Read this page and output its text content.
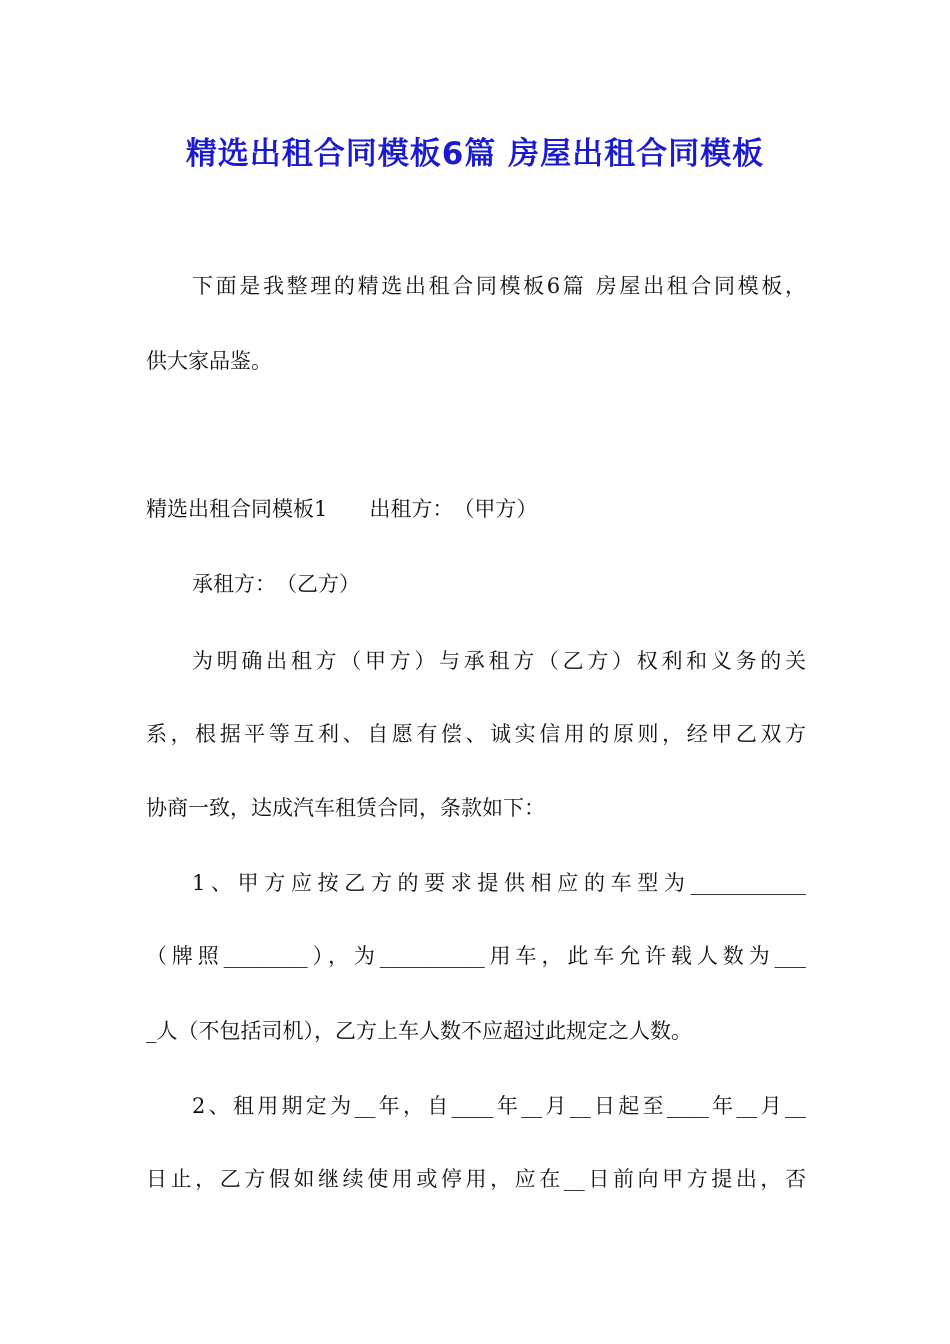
精选出租合同模板6篇 房屋出租合同模板
下面是我整理的精选出租合同模板6篇 房屋出租合同模板，
供大家品鉴。
精选出租合同模板1　　出租方：　（甲方）
承租方：　（乙方）
为明确出租方（甲方）与承租方（乙方）权利和义务的关
系，根据平等互利、自愿有偿、诚实信用的原则，经甲乙双方
协商一致，达成汽车租赁合同，条款如下：
1、甲方应按乙方的要求提供相应的车型为___________
（牌照________），为__________用车，此车允许载人数为___
_人（不包括司机），乙方上车人数不应超过此规定之人数。
2、租用期定为__年，自____年__月__日起至____年__月__
日止，乙方假如继续使用或停用，应在__日前向甲方提出，否
